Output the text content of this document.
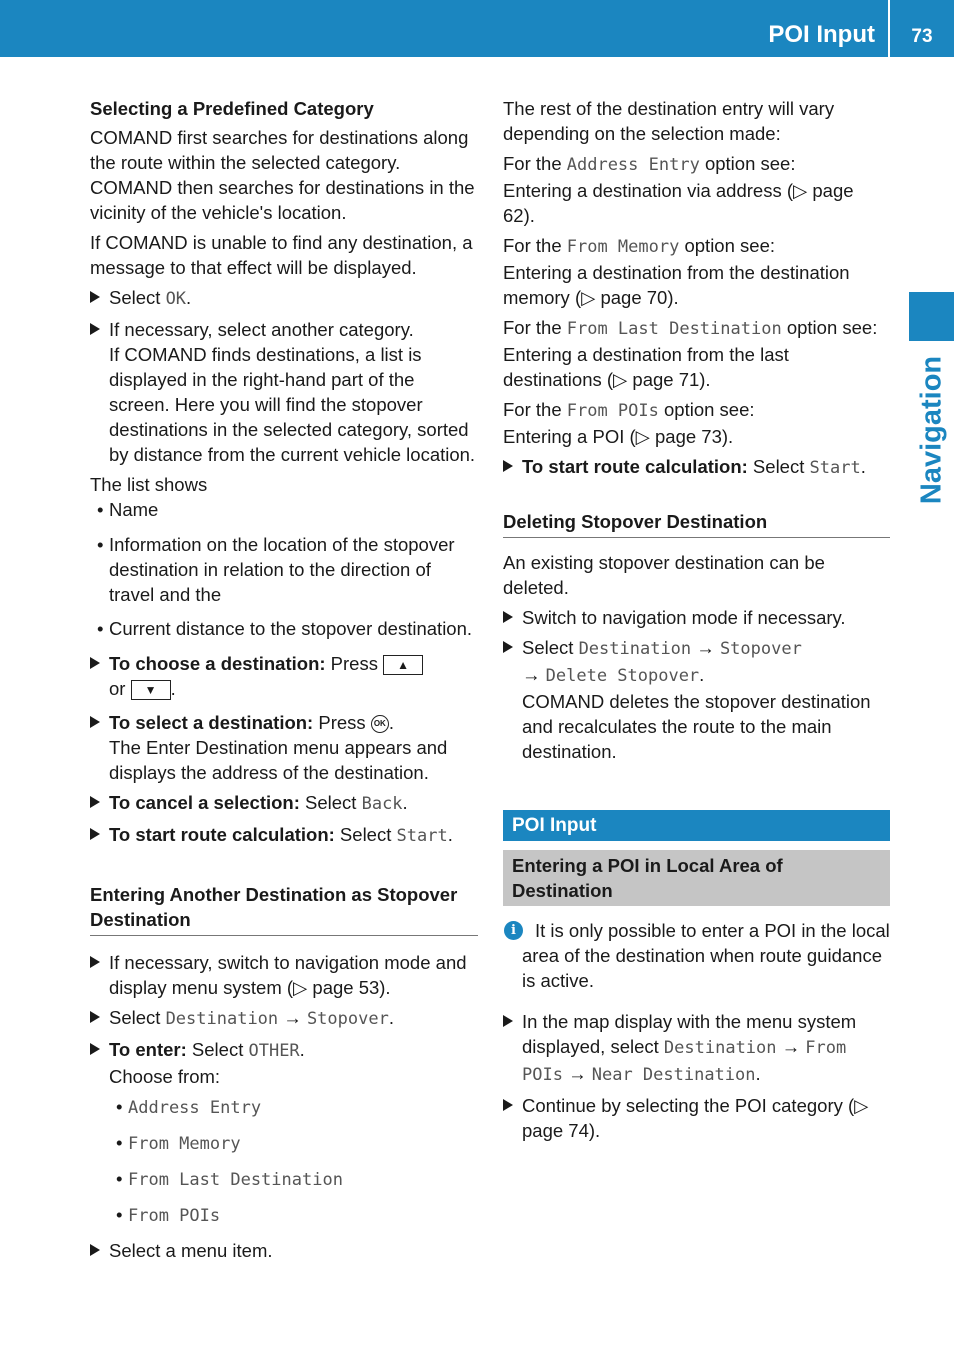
POI Input	73
Navigation
Selecting a Predefined Category

COMAND first searches for destinations along the route within the selected category. COMAND then searches for destinations in the vicinity of the vehicle's location.

If COMAND is unable to find any destination, a message to that effect will be displayed.

Select OK.
If necessary, select another category.
If COMAND finds destinations, a list is displayed in the right-hand part of the screen. Here you will find the stopover destinations in the selected category, sorted by distance from the current vehicle location.
The list shows
• Name
• Information on the location of the stopover destination in relation to the direction of travel and the
• Current distance to the stopover destination.
To choose a destination: Press ▲
or ▼ .
To select a destination: Press OK .
The Enter Destination menu appears and displays the address of the destination.
To cancel a selection: Select Back.
To start route calculation: Select Start.
Entering Another Destination as Stopover Destination
If necessary, switch to navigation mode and display menu system (▷ page 53).
Select Destination → Stopover.
To enter: Select OTHER.
Choose from:
• Address Entry
• From Memory
• From Last Destination
• From POIs
Select a menu item.

The rest of the destination entry will vary depending on the selection made:

For the Address Entry option see:
Entering a destination via address (▷ page 62).

For the From Memory option see:
Entering a destination from the destination memory (▷ page 70).

For the From Last Destination option see:
Entering a destination from the last destinations (▷ page 71).

For the From POIs option see:
Entering a POI (▷ page 73).

To start route calculation: Select Start.
Deleting Stopover Destination

An existing stopover destination can be deleted.

Switch to navigation mode if necessary.
Select Destination → Stopover
→ Delete Stopover.
COMAND deletes the stopover destination and recalculates the route to the main destination.
POI Input
Entering a POI in Local Area of Destination
i	It is only possible to enter a POI in the local area of the destination when route guidance is active.
In the map display with the menu system displayed, select Destination → From POIs → Near Destination.
Continue by selecting the POI category (▷ page 74).
